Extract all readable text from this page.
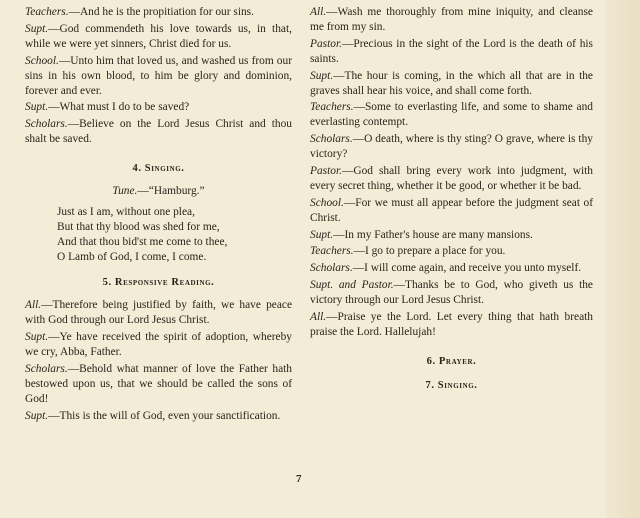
Teachers.—And he is the propitiation for our sins.
Supt.—God commendeth his love towards us, in that, while we were yet sinners, Christ died for us.
School.—Unto him that loved us, and washed us from our sins in his own blood, to him be glory and dominion, forever and ever.
Supt.—What must I do to be saved?
Scholars.—Believe on the Lord Jesus Christ and thou shalt be saved.
4. Singing.
Tune.—“Hamburg.”
Just as I am, without one plea,
But that thy blood was shed for me,
And that thou bid'st me come to thee,
O Lamb of God, I come, I come.
5. Responsive Reading.
All.—Therefore being justified by faith, we have peace with God through our Lord Jesus Christ.
Supt.—Ye have received the spirit of adoption, whereby we cry, Abba, Father.
Scholars.—Behold what manner of love the Father hath bestowed upon us, that we should be called the sons of God!
Supt.—This is the will of God, even your sanctification.
All.—Wash me thoroughly from mine iniquity, and cleanse me from my sin.
Pastor.—Precious in the sight of the Lord is the death of his saints.
Supt.—The hour is coming, in the which all that are in the graves shall hear his voice, and shall come forth.
Teachers.—Some to everlasting life, and some to shame and everlasting contempt.
Scholars.—O death, where is thy sting? O grave, where is thy victory?
Pastor.—God shall bring every work into judgment, with every secret thing, whether it be good, or whether it be bad.
School.—For we must all appear before the judgment seat of Christ.
Supt.—In my Father's house are many mansions.
Teachers.—I go to prepare a place for you.
Scholars.—I will come again, and receive you unto myself.
Supt. and Pastor.—Thanks be to God, who giveth us the victory through our Lord Jesus Christ.
All.—Praise ye the Lord. Let every thing that hath breath praise the Lord. Hallelujah!
6. Prayer.
7. Singing.
7
